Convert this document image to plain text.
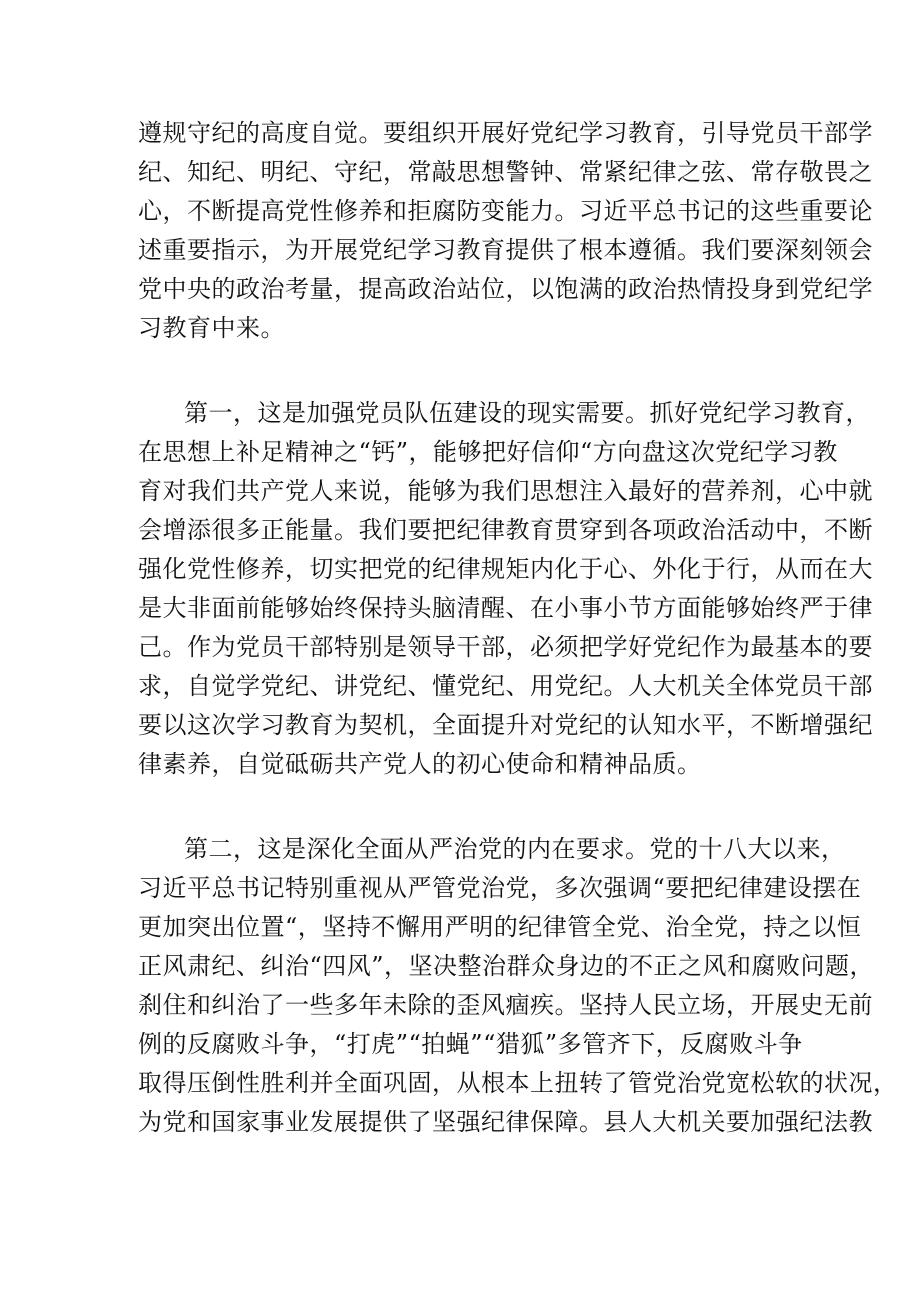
遵规守纪的高度自觉。要组织开展好党纪学习教育，引导党员干部学
纪、知纪、明纪、守纪，常敲思想警钟、常紧纪律之弦、常存敬畏之
心，不断提高党性修养和拒腐防变能力。习近平总书记的这些重要论
述重要指示，为开展党纪学习教育提供了根本遵循。我们要深刻领会
党中央的政治考量，提高政治站位，以饱满的政治热情投身到党纪学
习教育中来。
第一，这是加强党员队伍建设的现实需要。抓好党纪学习教育，
在思想上补足精神之“钙”，能够把好信仰“方向盘这次党纪学习教
育对我们共产党人来说，能够为我们思想注入最好的营养剂，心中就
会增添很多正能量。我们要把纪律教育贯穿到各项政治活动中，不断
强化党性修养，切实把党的纪律规矩内化于心、外化于行，从而在大
是大非面前能够始终保持头脑清醒、在小事小节方面能够始终严于律
己。作为党员干部特别是领导干部，必须把学好党纪作为最基本的要
求，自觉学党纪、讲党纪、懂党纪、用党纪。人大机关全体党员干部
要以这次学习教育为契机，全面提升对党纪的认知水平，不断增强纪
律素养，自觉砥砺共产党人的初心使命和精神品质。
第二，这是深化全面从严治党的内在要求。党的十八大以来，
习近平总书记特别重视从严管党治党，多次强调“要把纪律建设摆在
更加突出位置“，坚持不懈用严明的纪律管全党、治全党，持之以恒
正风肃纪、纠治“四风”，坚决整治群众身边的不正之风和腐败问题，
刹住和纠治了一些多年未除的歪风痼疾。坚持人民立场，开展史无前
例的反腐败斗争，“打虎”“拍蝇”“猎狐”多管齐下，反腐败斗争
取得压倒性胜利并全面巩固，从根本上扭转了管党治党宽松软的状况，
为党和国家事业发展提供了坚强纪律保障。县人大机关要加强纪法教
